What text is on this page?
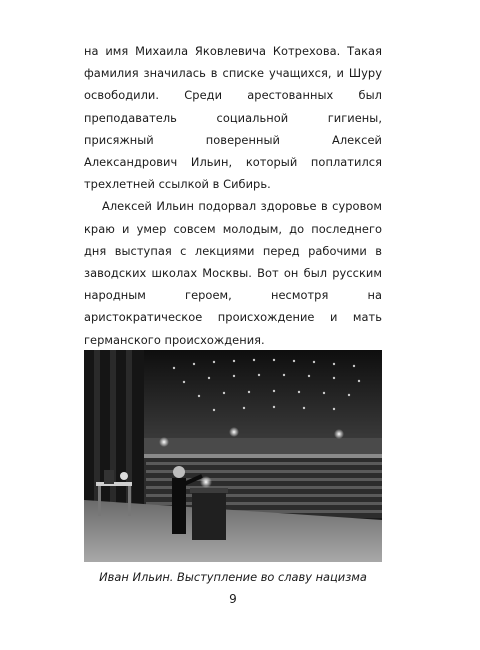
на имя Михаила Яковлевича Котрехова. Такая фамилия значилась в списке учащихся, и Шуру освободили. Среди арестованных был преподаватель социальной гигиены, присяжный поверенный Алексей Александрович Ильин, который поплатился трехлетней ссылкой в Сибирь.

Алексей Ильин подорвал здоровье в суровом краю и умер совсем молодым, до последнего дня выступая с лекциями перед рабочими в заводских школах Москвы. Вот он был русским народным героем, несмотря на аристократическое происхождение и мать германского происхождения.

Иван Ильин. Выступление во славу нацизма
9
